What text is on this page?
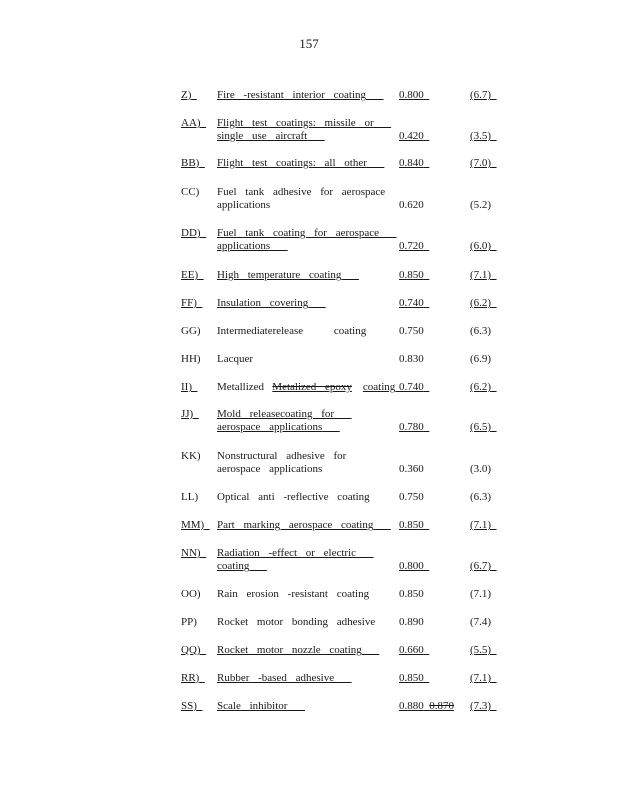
157
Z)	Fire -resistant interior coating	0.800	(6.7)
AA)	Flight test coatings: missile or
single use aircraft	0.420	(3.5)
BB)	Flight test coatings: all other	0.840	(7.0)
CC) Fuel tank adhesive for aerospace
applications	0.620	(5.2)
DD)	Fuel tank coating for aerospace
applications	0.720	(6.0)
EE)	High temperature coating	0.850	(7.1)
FF)	Insulation covering	0.740	(6.2)
GG) Intermediaterelease coating	0.750	(6.3)
HH) Lacquer	0.830	(6.9)
II)	Metallized Metalized epoxy coating 0.740	(6.2)
JJ)	Mold releasecoating for
aerospace applications	0.780	(6.5)
KK) Nonstructural adhesive for
aerospace applications	0.360	(3.0)
LL) Optical anti -reflective coating	0.750	(6.3)
MM)	Part marking aerospace coating	0.850	(7.1)
NN)	Radiation -effect or electric
coating	0.800	(6.7)
OO) Rain erosion -resistant coating	0.850	(7.1)
PP) Rocket motor bonding adhesive 0.890	(7.4)
QQ)	Rocket motor nozzle coating	0.660	(5.5)
RR)	Rubber -based adhesive	0.850	(7.1)
SS)	Scale inhibitor	0.880 0.870 (7.3)
